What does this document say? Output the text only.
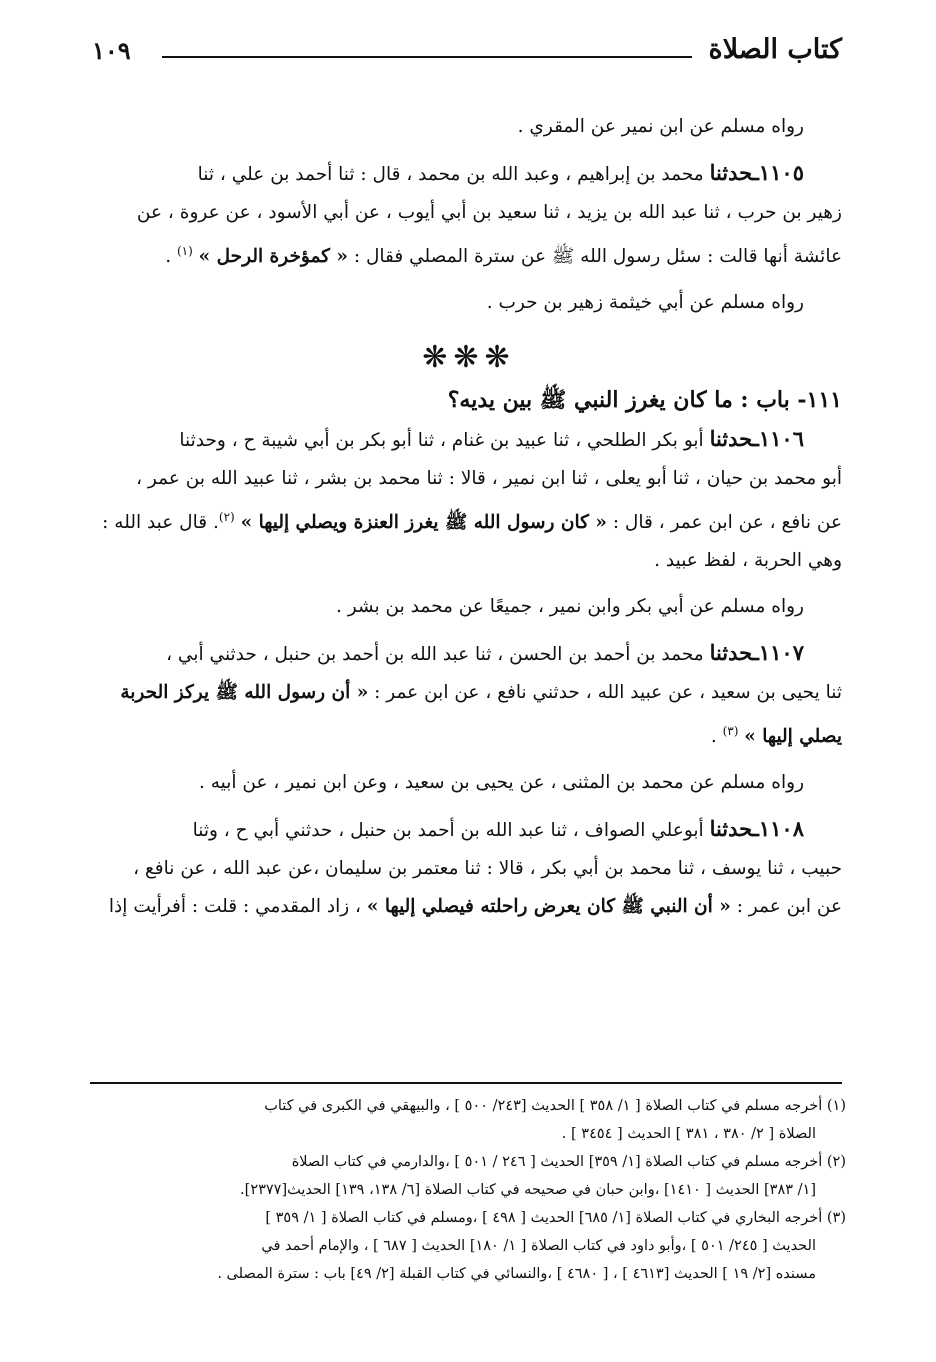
كتاب الصلاة
١٠٩

رواه مسلم عن ابن نمير عن المقري .

١١٠٥ـحدثنا محمد بن إبراهيم ، وعبد الله بن محمد ، قال : ثنا أحمد بن علي ، ثنا

زهير بن حرب ، ثنا عبد الله بن يزيد ، ثنا سعيد بن أبي أيوب ، عن أبي الأسود ، عن عروة ، عن

عائشة أنها قالت : سئل رسول الله ﷺ عن سترة المصلي فقال : « كمؤخرة الرحل » $^{(١)}$ .

رواه مسلم عن أبي خيثمة زهير بن حرب .

❋❋❋

١١١- باب : ما كان يغرز النبي ﷺ بين يديه؟

١١٠٦ـحدثنا أبو بكر الطلحي ، ثنا عبيد بن غنام ، ثنا أبو بكر بن أبي شيبة ح ، وحدثنا

أبو محمد بن حيان ، ثنا أبو يعلى ، ثنا ابن نمير ، قالا : ثنا محمد بن بشر ، ثنا عبيد الله بن عمر ،

عن نافع ، عن ابن عمر ، قال : « كان رسول الله ﷺ يغرز العنزة ويصلي إليها » $^{(٢)}$. قال عبد الله :

وهي الحربة ، لفظ عبيد .

رواه مسلم عن أبي بكر وابن نمير ، جميعًا عن محمد بن بشر .

١١٠٧ـحدثنا محمد بن أحمد بن الحسن ، ثنا عبد الله بن أحمد بن حنبل ، حدثني أبي ،

ثنا يحيى بن سعيد ، عن عبيد الله ، حدثني نافع ، عن ابن عمر : « أن رسول الله ﷺ يركز الحربة

يصلي إليها » $^{(٣)}$ .

رواه مسلم عن محمد بن المثنى ، عن يحيى بن سعيد ، وعن ابن نمير ، عن أبيه .

١١٠٨ـحدثنا أبوعلي الصواف ، ثنا عبد الله بن أحمد بن حنبل ، حدثني أبي ح ، وثنا

حبيب ، ثنا يوسف ، ثنا محمد بن أبي بكر ، قالا : ثنا معتمر بن سليمان ،عن عبد الله ، عن نافع ،

عن ابن عمر : « أن النبي ﷺ كان يعرض راحلته فيصلي إليها » ، زاد المقدمي : قلت : أفرأيت إذا

(١) أخرجه مسلم في كتاب الصلاة [ ١/ ٣٥٨ ] الحديث [٢٤٣/ ٥٠٠ ] ، والبيهقي في الكبرى في كتاب

الصلاة [ ٢/ ٣٨٠ ، ٣٨١ ] الحديث [ ٣٤٥٤ ] .

(٢) أخرجه مسلم في كتاب الصلاة [١/ ٣٥٩] الحديث [ ٢٤٦ / ٥٠١ ] ،والدارمي في كتاب الصلاة

[١/ ٣٨٣] الحديث [ ١٤١٠] ،وابن حبان في صحيحه في كتاب الصلاة [٦/ ١٣٨، ١٣٩] الحديث[٢٣٧٧].

(٣) أخرجه البخاري في كتاب الصلاة [١/ ٦٨٥] الحديث [ ٤٩٨ ] ،ومسلم في كتاب الصلاة [ ١/ ٣٥٩ ]

الحديث [ ٢٤٥/ ٥٠١ ] ،وأبو داود في كتاب الصلاة [ ١/ ١٨٠] الحديث [ ٦٨٧ ] ، والإمام أحمد في

مسنده [٢/ ١٩ ] الحديث [٤٦١٣ ] ، [ ٤٦٨٠ ] ،والنسائي في كتاب القبلة [٢/ ٤٩] باب : سترة المصلى .
